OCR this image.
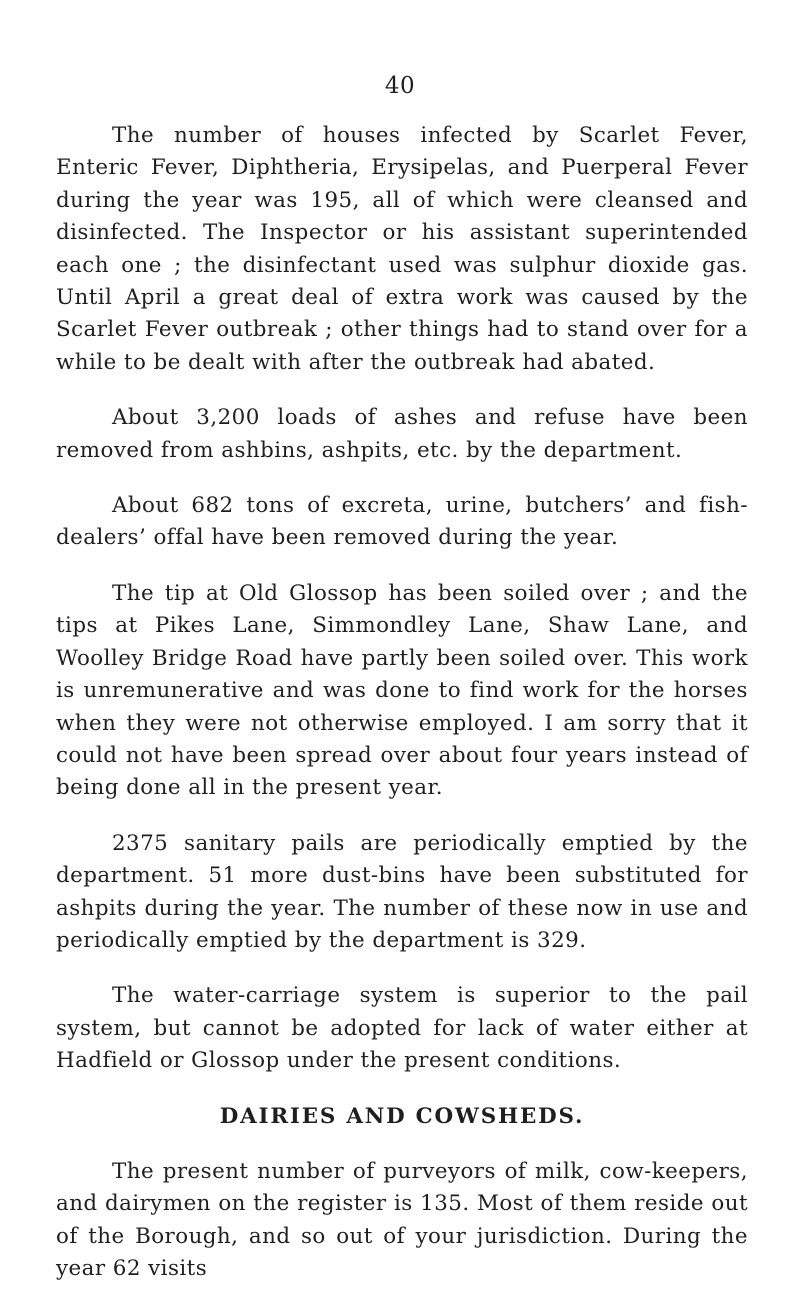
40

The number of houses infected by Scarlet Fever, Enteric Fever, Diphtheria, Erysipelas, and Puerperal Fever during the year was 195, all of which were cleansed and disinfected. The Inspector or his assistant superintended each one ; the disinfectant used was sulphur dioxide gas. Until April a great deal of extra work was caused by the Scarlet Fever outbreak ; other things had to stand over for a while to be dealt with after the outbreak had abated.

About 3,200 loads of ashes and refuse have been removed from ashbins, ashpits, etc. by the department.

About 682 tons of excreta, urine, butchers’ and fish-dealers’ offal have been removed during the year.

The tip at Old Glossop has been soiled over ; and the tips at Pikes Lane, Simmondley Lane, Shaw Lane, and Woolley Bridge Road have partly been soiled over. This work is unremunerative and was done to find work for the horses when they were not otherwise employed. I am sorry that it could not have been spread over about four years instead of being done all in the present year.

2375 sanitary pails are periodically emptied by the department. 51 more dust-bins have been substituted for ashpits during the year. The number of these now in use and periodically emptied by the department is 329.

The water-carriage system is superior to the pail system, but cannot be adopted for lack of water either at Hadfield or Glossop under the present conditions.

DAIRIES AND COWSHEDS.

The present number of purveyors of milk, cow-keepers, and dairymen on the register is 135. Most of them reside out of the Borough, and so out of your jurisdiction. During the year 62 visits
